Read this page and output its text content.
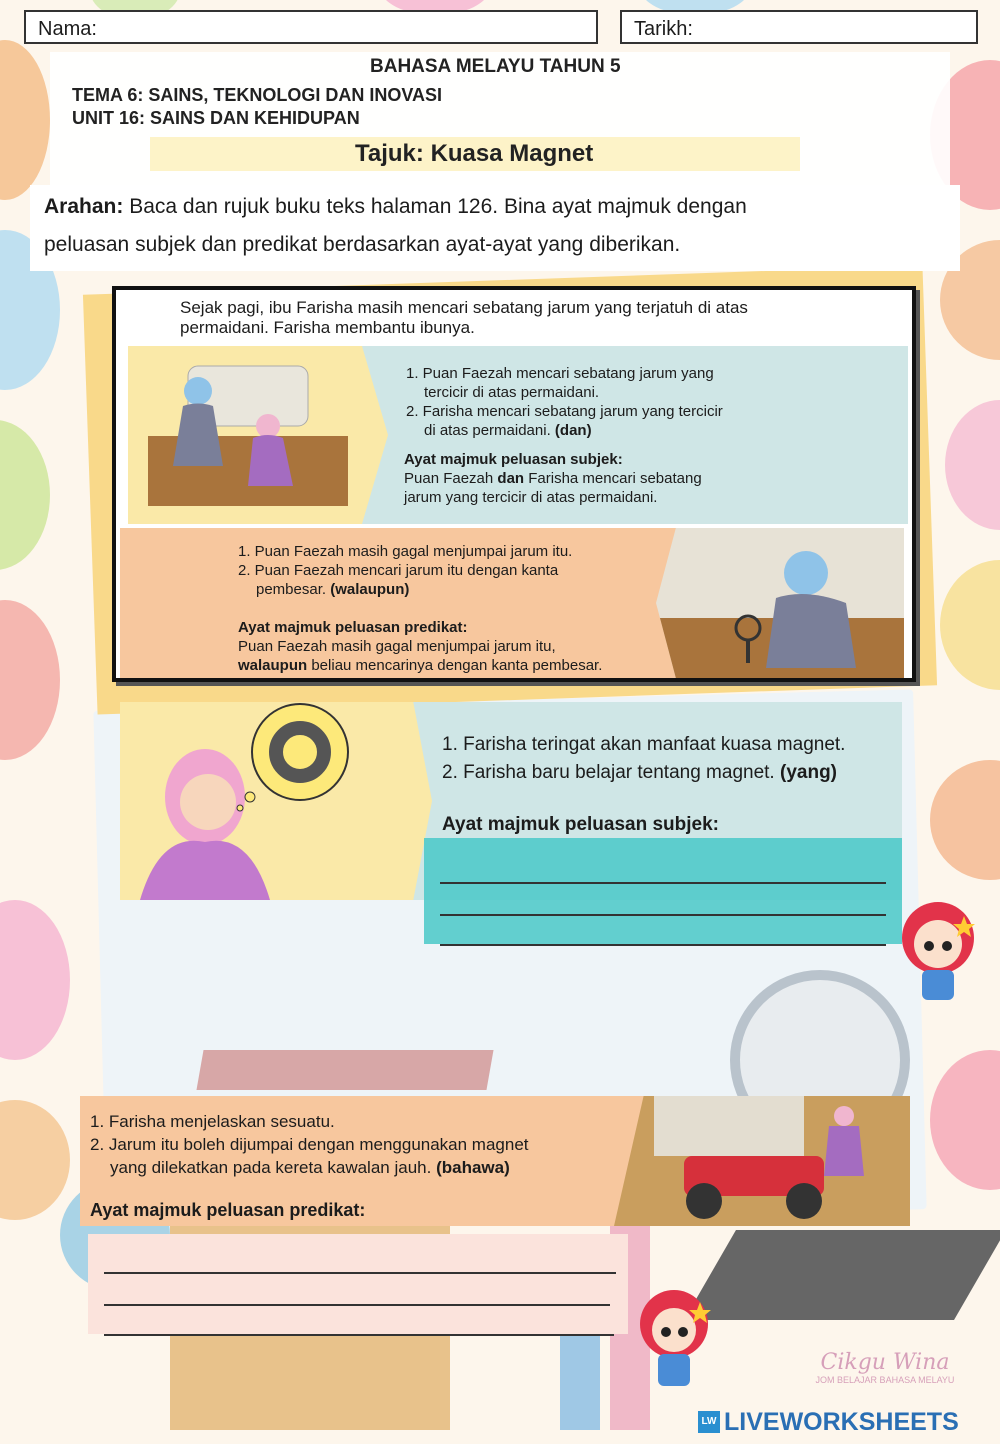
Nama:	Tarikh:
BAHASA MELAYU TAHUN 5
TEMA 6: SAINS, TEKNOLOGI DAN INOVASI
UNIT 16: SAINS DAN KEHIDUPAN
Tajuk: Kuasa Magnet
Arahan: Baca dan rujuk buku teks halaman 126. Bina ayat majmuk dengan
peluasan subjek dan predikat berdasarkan ayat-ayat yang diberikan.
Sejak pagi, ibu Farisha masih mencari sebatang jarum yang terjatuh di atas
permaidani. Farisha membantu ibunya.
1. Puan Faezah mencari sebatang jarum yang
tercicir di atas permaidani.
2. Farisha mencari sebatang jarum yang tercicir
di atas permaidani. (dan)
Ayat majmuk peluasan subjek:
Puan Faezah dan Farisha mencari sebatang
jarum yang tercicir di atas permaidani.
1. Puan Faezah masih gagal menjumpai jarum itu.
2. Puan Faezah mencari jarum itu dengan kanta
pembesar. (walaupun)
Ayat majmuk peluasan predikat:
Puan Faezah masih gagal menjumpai jarum itu,
walaupun beliau mencarinya dengan kanta pembesar.
1. Farisha teringat akan manfaat kuasa magnet.
2. Farisha baru belajar tentang magnet. (yang)
Ayat majmuk peluasan subjek:
1. Farisha menjelaskan sesuatu.
2. Jarum itu boleh dijumpai dengan menggunakan magnet
yang dilekatkan pada kereta kawalan jauh. (bahawa)
Ayat majmuk peluasan predikat:
Cikgu Wina
JOM BELAJAR BAHASA MELAYU
LW LIVEWORKSHEETS
